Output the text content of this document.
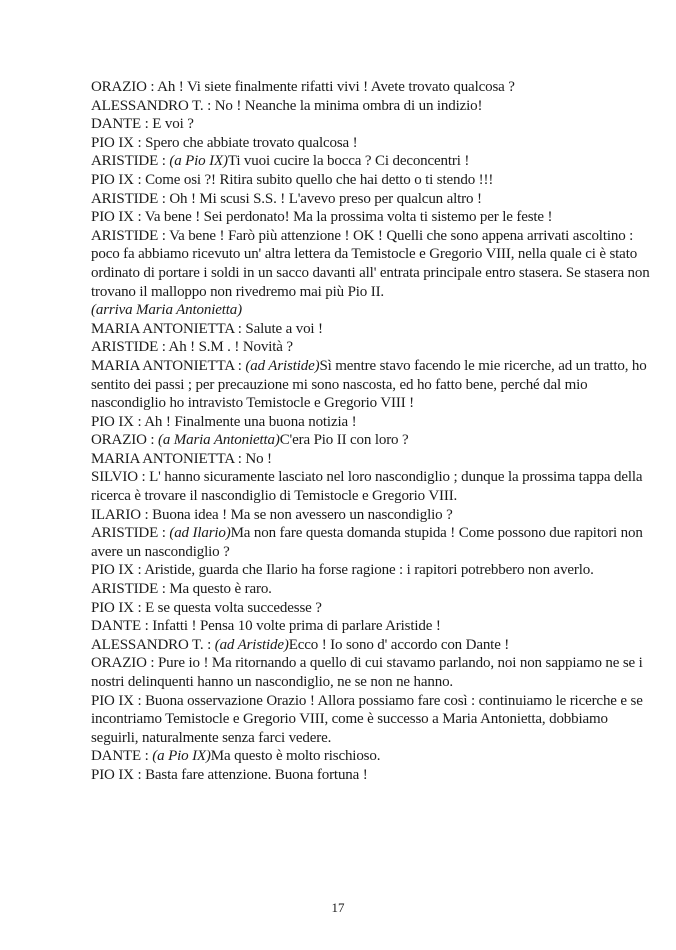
ORAZIO : Ah ! Vi siete finalmente rifatti vivi ! Avete trovato qualcosa ?
ALESSANDRO T. : No ! Neanche la minima ombra di un indizio!
DANTE : E voi ?
PIO IX : Spero che abbiate trovato qualcosa !
ARISTIDE : (a Pio IX)Ti vuoi cucire la bocca ? Ci deconcentri !
PIO IX : Come osi ?! Ritira subito quello che hai detto o ti stendo !!!
ARISTIDE : Oh ! Mi scusi S.S. ! L'avevo preso per qualcun altro !
PIO IX : Va bene ! Sei perdonato! Ma la prossima volta ti sistemo per le feste !
ARISTIDE : Va bene ! Farò più attenzione ! OK ! Quelli che sono appena arrivati ascoltino : poco fa abbiamo ricevuto un' altra lettera da Temistocle e Gregorio VIII, nella quale ci è stato ordinato di portare i soldi in un sacco davanti all' entrata principale entro stasera. Se stasera non trovano il malloppo non rivedremo mai più Pio II.
(arriva Maria Antonietta)
MARIA ANTONIETTA : Salute a voi !
ARISTIDE : Ah ! S.M . ! Novità ?
MARIA ANTONIETTA : (ad Aristide)Sì mentre stavo facendo le mie ricerche, ad un tratto, ho sentito dei passi ; per precauzione mi sono nascosta, ed ho fatto bene, perché dal mio nascondiglio ho intravisto Temistocle e Gregorio VIII !
PIO IX : Ah ! Finalmente una buona notizia !
ORAZIO : (a Maria Antonietta)C'era Pio II con loro ?
MARIA ANTONIETTA : No !
SILVIO : L' hanno sicuramente lasciato nel loro nascondiglio ; dunque la prossima tappa della ricerca è trovare il nascondiglio di Temistocle e Gregorio VIII.
ILARIO : Buona idea ! Ma se non avessero un nascondiglio ?
ARISTIDE : (ad Ilario)Ma non fare questa domanda stupida ! Come possono due rapitori non avere un nascondiglio ?
PIO IX : Aristide, guarda che Ilario ha forse ragione : i rapitori potrebbero non averlo.
ARISTIDE : Ma questo è raro.
PIO IX : E se questa volta succedesse ?
DANTE : Infatti ! Pensa 10 volte prima di parlare Aristide !
ALESSANDRO T. : (ad Aristide)Ecco ! Io sono d' accordo con Dante !
ORAZIO : Pure io ! Ma ritornando a quello di cui stavamo parlando, noi non sappiamo ne se i nostri delinquenti hanno un nascondiglio, ne se non ne hanno.
PIO IX : Buona osservazione Orazio ! Allora possiamo fare così : continuiamo le ricerche e se incontriamo Temistocle e Gregorio VIII, come è successo a Maria Antonietta, dobbiamo seguirli, naturalmente senza farci vedere.
DANTE : (a Pio IX)Ma questo è molto rischioso.
PIO IX : Basta fare attenzione. Buona fortuna !
17
